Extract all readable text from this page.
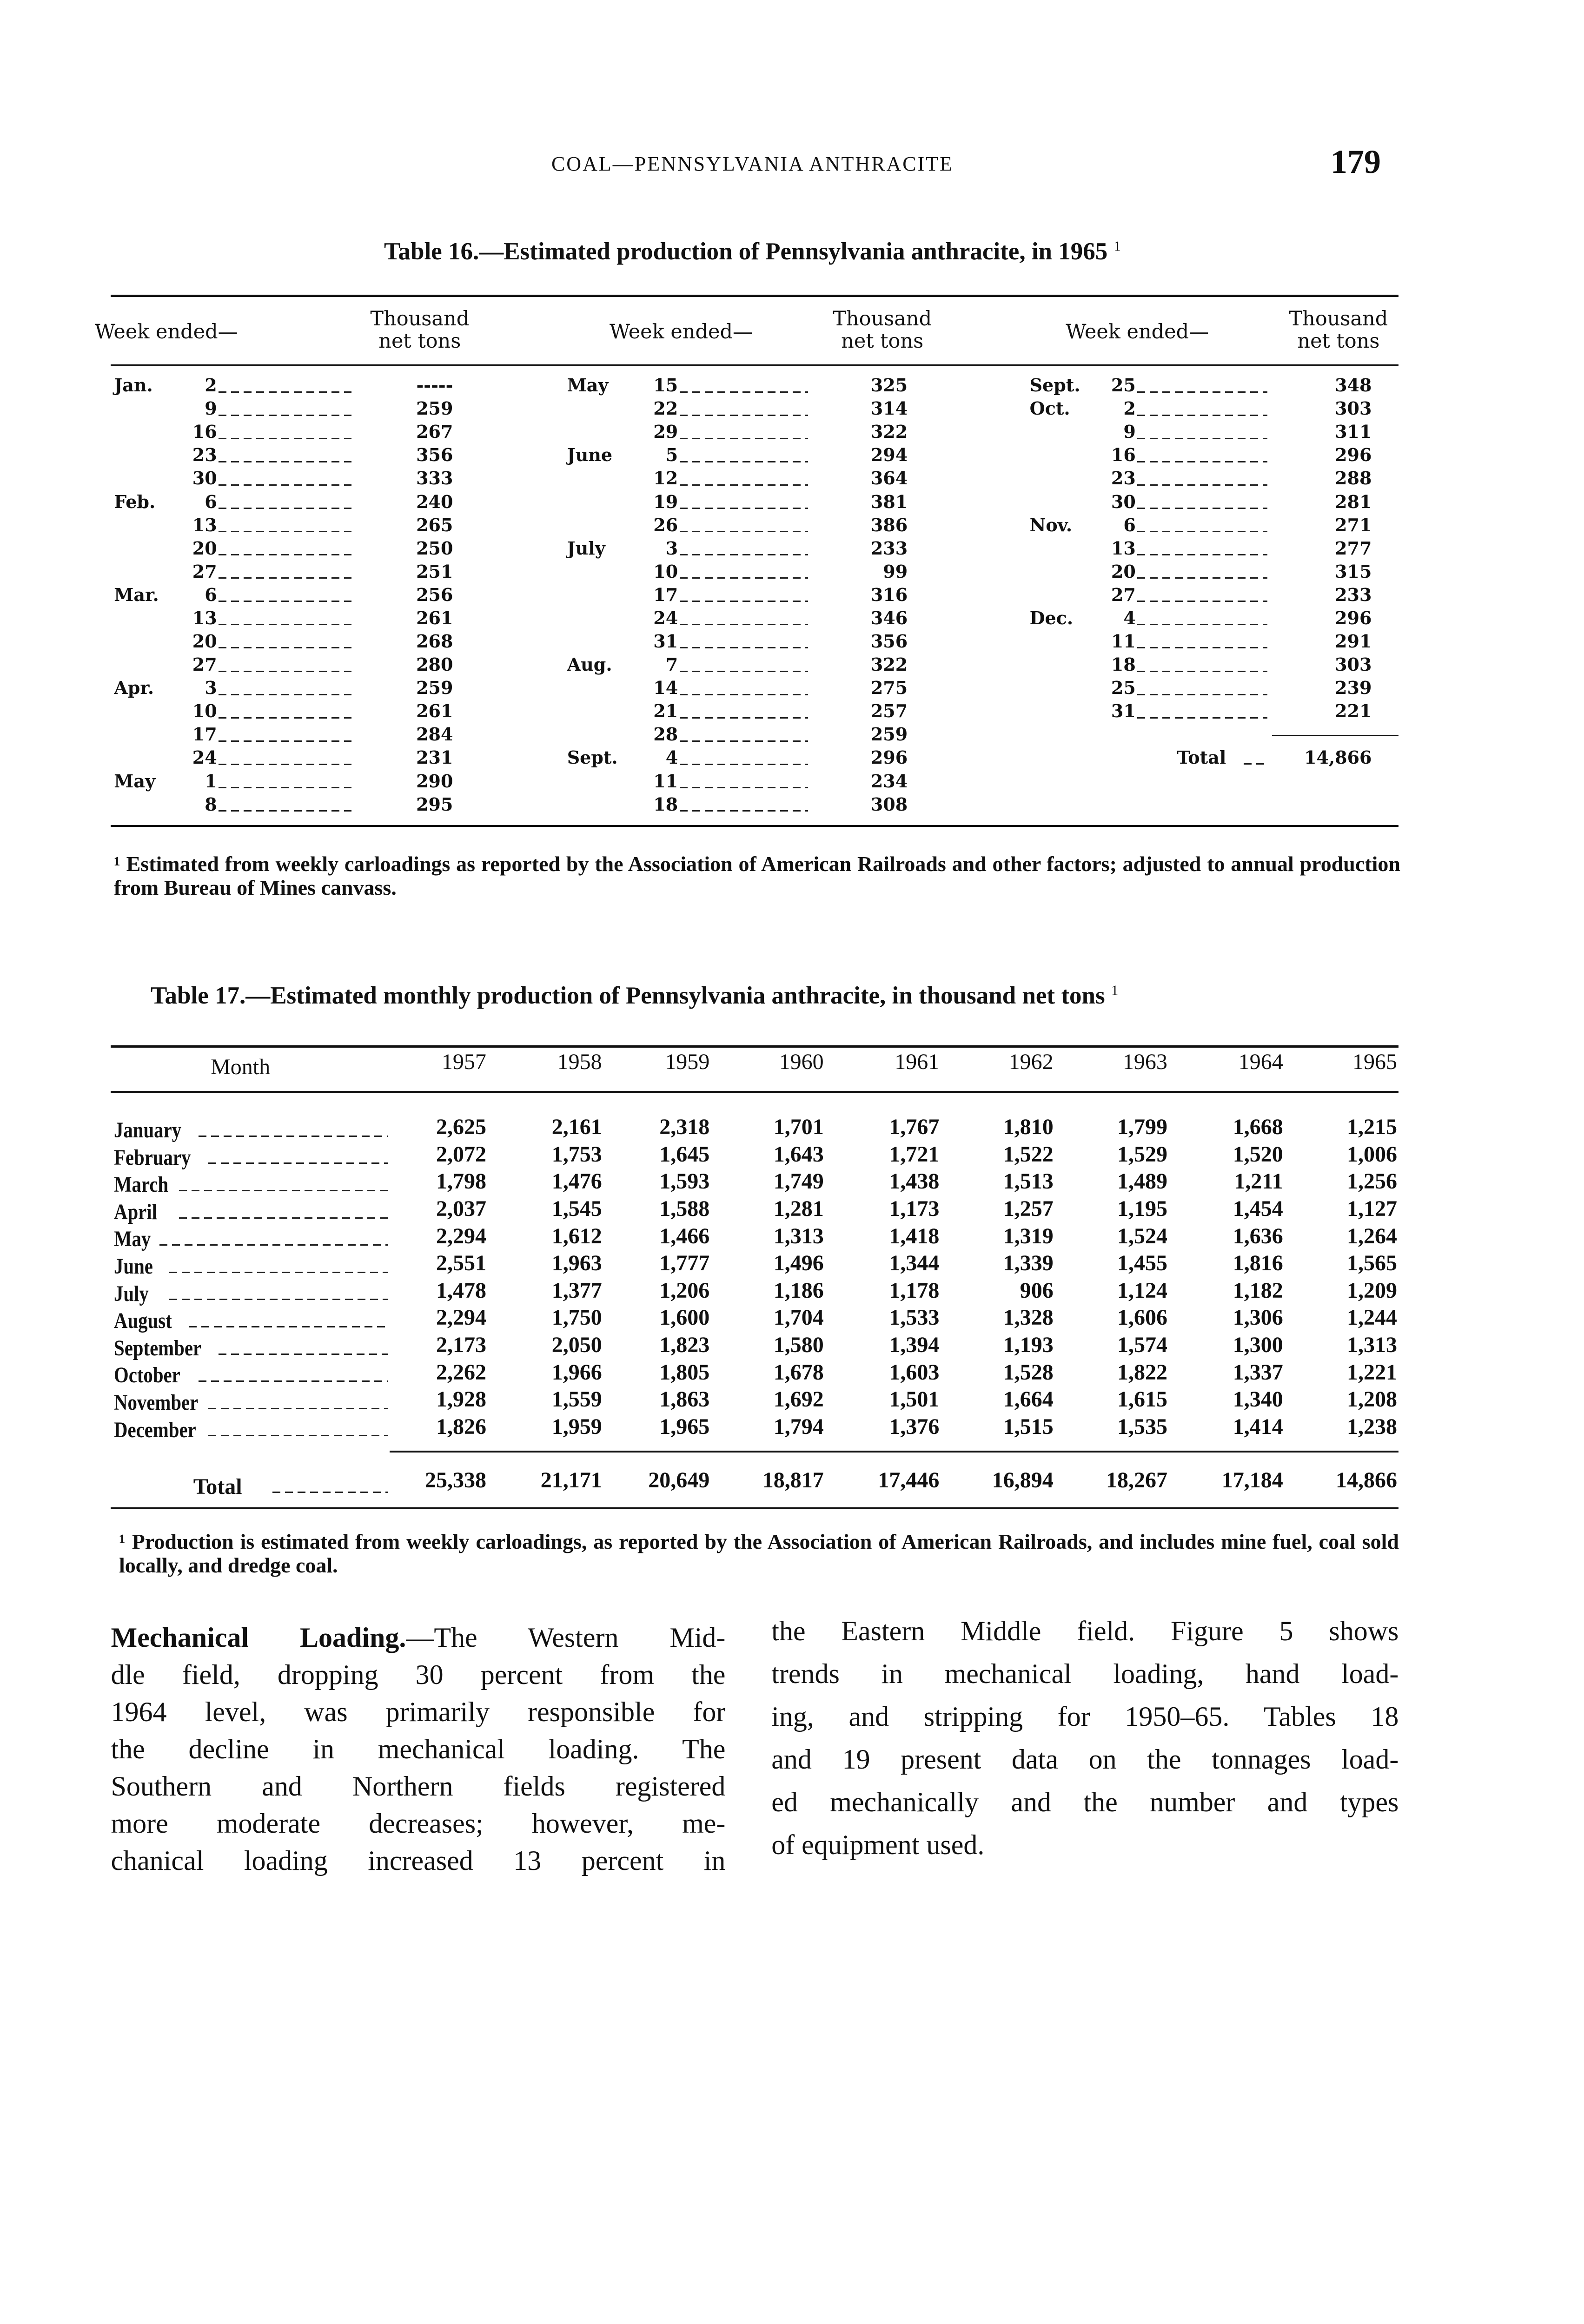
COAL—PENNSYLVANIA ANTHRACITE	179
Table 16.—Estimated production of Pennsylvania anthracite, in 1965 $^1$
Week ended—
Thousand
net tons
Jan.	2	-----
9	259
16	267
23	356
30	333
Feb.	6	240
13	265
20	250
27	251
Mar.	6	256
13	261
20	268
27	280
Apr.	3	259
10	261
17	284
24	231
May	1	290
8	295
Week ended—
Thousand
net tons
May	15	325
22	314
29	322
June	5	294
12	364
19	381
26	386
July	3	233
10	99
17	316
24	346
31	356
Aug.	7	322
14	275
21	257
28	259
Sept.	4	296
11	234
18	308
Week ended—
Thousand
net tons
Sept.	25	348
Oct.	2	303
9	311
16	296
23	288
30	281
Nov.	6	271
13	277
20	315
27	233
Dec.	4	296
11	291
18	303
25	239
31	221
Total	14,866
¹ Estimated from weekly carloadings as reported by the Association of American Railroads and other factors; adjusted to annual production from Bureau of Mines canvass.
Table 17.—Estimated monthly production of Pennsylvania anthracite, in thousand net tons $^1$
Month	1957	1958	1959	1960	1961	1962	1963	1964	1965
January	2,625	2,161	2,318	1,701	1,767	1,810	1,799	1,668	1,215
February	2,072	1,753	1,645	1,643	1,721	1,522	1,529	1,520	1,006
March	1,798	1,476	1,593	1,749	1,438	1,513	1,489	1,211	1,256
April	2,037	1,545	1,588	1,281	1,173	1,257	1,195	1,454	1,127
May	2,294	1,612	1,466	1,313	1,418	1,319	1,524	1,636	1,264
June	2,551	1,963	1,777	1,496	1,344	1,339	1,455	1,816	1,565
July	1,478	1,377	1,206	1,186	1,178	906	1,124	1,182	1,209
August	2,294	1,750	1,600	1,704	1,533	1,328	1,606	1,306	1,244
September	2,173	2,050	1,823	1,580	1,394	1,193	1,574	1,300	1,313
October	2,262	1,966	1,805	1,678	1,603	1,528	1,822	1,337	1,221
November	1,928	1,559	1,863	1,692	1,501	1,664	1,615	1,340	1,208
December	1,826	1,959	1,965	1,794	1,376	1,515	1,535	1,414	1,238
Total	25,338	21,171	20,649	18,817	17,446	16,894	18,267	17,184	14,866
¹ Production is estimated from weekly carloadings, as reported by the Association of American Railroads, and includes mine fuel, coal sold locally, and dredge coal.
Mechanical Loading.—The Western Mid-
dle field, dropping 30 percent from the
1964 level, was primarily responsible for
the decline in mechanical loading. The
Southern and Northern fields registered
more moderate decreases; however, me-
chanical loading increased 13 percent in
the Eastern Middle field. Figure 5 shows
trends in mechanical loading, hand load-
ing, and stripping for 1950–65. Tables 18
and 19 present data on the tonnages load-
ed mechanically and the number and types
of equipment used.
